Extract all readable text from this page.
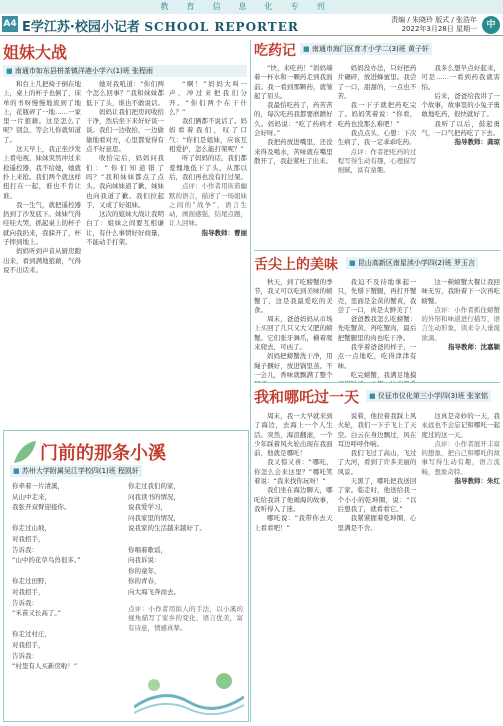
教育信息化专刊
A4 E学江苏·校园小记者 SCHOOL REPORTER	责编 / 朱晓玲 版式 / 张浩年
2022年3月28日 星期一	中
姐妹大战
■ 南通市如东县栟茶镇洋港小学六(1)班 张程雨

和台上几把椅子倒在地上，桌上的杯子也倒了，床单的书呀慢慢地流到了地上，花瓶碎了一地……一家里一片狼藉。这是怎么了呢？别急，等会儿你就知道了。

这天早上，我正坐沙发上看电视，妹妹突然冲过来抢遥控器，我不给她，她就扑上来抢。我们两个就这样扭打在一起，谁也不肯让谁。

我一生气，就把遥控器扔到了沙发底下。妹妹气得哇哇大哭，抓起桌上的杯子就向我扔来，我躲开了，杯子摔到地上。

妈妈听到声音从厨房跑出来，看到满地狼藉，气得说不出话来。

她对我吼道：“你们两个怎么回事？”我和妹妹都低下了头，谁也不敢说话。

妈妈让我们把房间收拾干净，然后坐下来好好谈一谈。我们一边收拾，一边偷偷地看对方，心里都觉得有点不好意思。

收拾完后，妈妈问我们：“你们知道错了吗？”我和妹妹都点了点头。我向妹妹道了歉，妹妹也向我道了歉。我们拉起手，又成了好姐妹。

这次的姐妹大战让我明白了：姐妹之间要互相谦让，有什么事情好好商量，不能动手打架。

“啊！”妈妈大叫一声，冲过来把我们分开。“你们两个在干什么？”

我们俩都不说话了。妈妈看着我们，叹了口气：“你们是姐妹，应该互相爱护，怎么能打架呢？”

听了妈妈的话，我们都羞愧地低下了头。从那以后，我们再也没有打过架。

点评：小作者用诙谐幽默的语言，描述了一场姐妹之间的“战争”，语言生动，画面感强，结尾点题，让人回味。

指导教师：曹丽

吃药记	■ 南通市海门区育才小学二(3)班 黄子轩

“快，来吃药！”妈妈端着一杯水和一颗药走到我面前。我一看到那颗药，就皱起了眉头。

我最怕吃药了，药苦苦的，每次吃药我都要磨蹭好久。妈妈说：“吃了药病才会好呀。”

我把药放进嘴里，还没来得及喝水，苦味就在嘴里散开了，我赶紧吐了出来。

妈妈没办法，只好把药片碾碎，放进蜂蜜里。我尝了一口，甜甜的，一点也不苦。

我一下子就把药吃完了。妈妈笑着说：“你看，吃药也没那么难吧！”

我点点头，心想：下次生病了，我一定乖乖吃药。

点评：作者把吃药的过程写得生动有趣，心理描写细腻，富有童趣。

我多么想早点好起来，可是……一看到药我就害怕。

后来，爸爸给我讲了一个故事，故事里的小兔子勇敢地吃药，很快就好了。

我听了以后，鼓起勇气，一口气把药吃了下去。

指导教师：龚琼

舌尖上的美味	■ 昆山高新区南星渎小学四(2)班 罗玉言

秋天，到了吃螃蟹的季节，我又可以吃到美味的螃蟹了，这是我最爱吃的美食。

周末，爸爸妈妈从市场上买回了几只又大又肥的螃蟹。它们张牙舞爪，横着爬来爬去，可凶了。

妈妈把螃蟹洗干净，用绳子捆好，放进锅里蒸。不一会儿，香味就飘满了整个

我迫不及待地拿起一只，先掰下蟹腿，再打开蟹壳，里面是金黄的蟹黄，我尝了一口，真是太鲜美了！

爸爸教我怎么吃螃蟹：先吃蟹黄，再吃蟹肉，最后把蟹腿里的肉也吃干净。

我学着爸爸的样子，一点一点地吃，吃得津津有味。

吃完螃蟹，我满足地摸

这一顿螃蟹大餐让我回味无穷，我盼着下一次再吃螃蟹。

点评：小作者抓住螃蟹的外形和味道进行描写，语言生动形象，读来令人垂涎欲滴。

指导教师：沈嘉颖

我和哪吒过一天	■ 仪征市仪化第三小学四(3)班 张家铭

周末，我一大早就来到了海边，去海上一个人生活。突然，海浪翻滚，一个少年踩着风火轮出现在我面前，他就是哪吒！

我又惊又喜：“哪吒，你怎么会来这里？”哪吒笑着说：“我来找你玩呀！”

我们坐在海边聊天，哪吒给我讲了他闹海的故事，我听得入了迷。

哪吒说：“我带你去天上看看吧！”

说着，他拉着我踩上风火轮，我们一下子飞上了天空。白云在身边飘过，风在耳边呼呼作响。

我们飞过了高山，飞过了大河，看到了许多美丽的风景。

天黑了，哪吒把我送回了家。临走时，他送给我一个小小的乾坤圈，说：“以后想我了，就看看它。”

我紧紧握着乾坤圈，心里满是不舍。

这真是奇妙的一天，我永远也不会忘记和哪吒一起度过的这一天。

点评：小作者展开丰富的想象，把自己和哪吒的故事写得生动有趣，语言流畅，想象奇特。

指导教师：朱红

门前的那条小溪
■ 苏州大学附属吴江学校四(1)班 程凯轩
你牵着一片清溪，
从山中走来，
我张开双臂迎接你。

你走过山坡，
对我招手，
告诉我：
“山中的花草鸟兽很多。”

你走过田野，
对我招手，
告诉我：
“禾苗又长高了。”

你走过村庄，
对我招手，
告诉我：
“村里有人买新房啦！”
你走过我们的家，
问我读书的情况，
说我爱学习，
问我家里的情况，
说我家的生活越来越好了。

你唱着歌谣，
向我诉说：
你的童年，
你的青春，
向大海飞奔而去。
点评：小作者用拟人的手法，以小溪的视角描写了家乡的变化，语言优美，富有诗意，情感真挚。
